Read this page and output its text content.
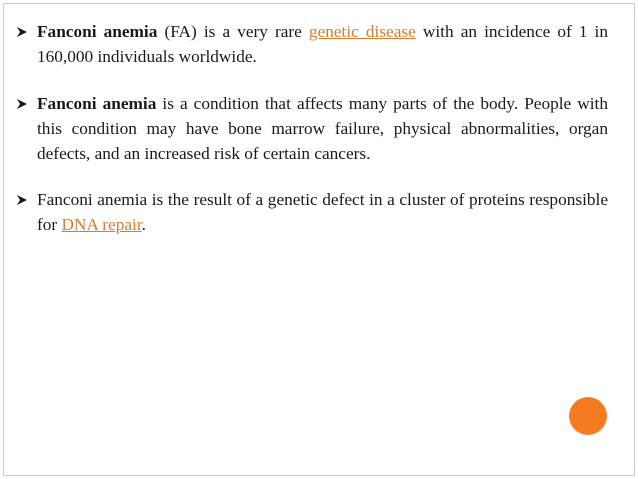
Fanconi anemia (FA) is a very rare genetic disease with an incidence of 1 in 160,000 individuals worldwide.
Fanconi anemia is a condition that affects many parts of the body. People with this condition may have bone marrow failure, physical abnormalities, organ defects, and an increased risk of certain cancers.
Fanconi anemia is the result of a genetic defect in a cluster of proteins responsible for DNA repair.
